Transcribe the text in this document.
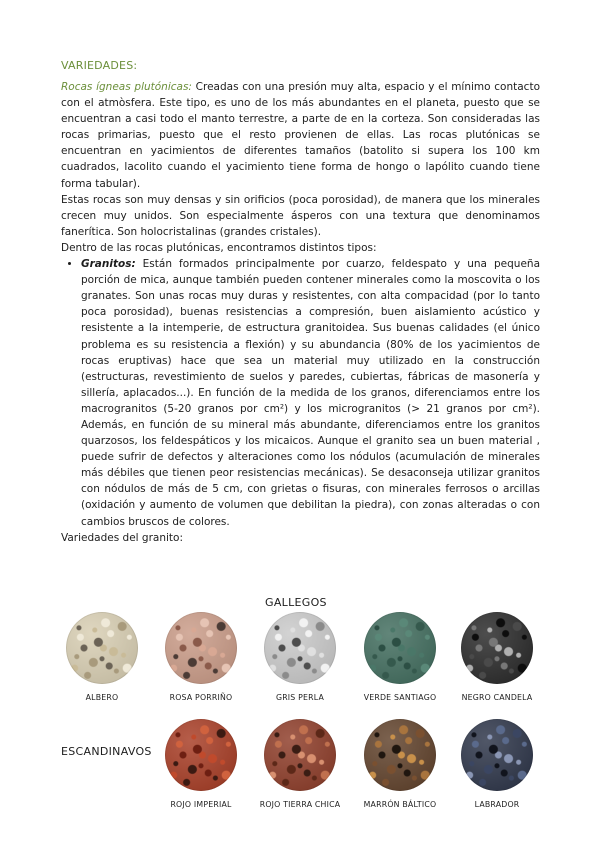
VARIEDADES:

Rocas ígneas plutónicas: Creadas con una presión muy alta, espacio y el mínimo contacto con el atmòsfera. Este tipo, es uno de los más abundantes en el planeta, puesto que se encuentran a casi todo el manto terrestre, a parte de en la corteza. Son consideradas las rocas primarias, puesto que el resto provienen de ellas. Las rocas plutónicas se encuentran en yacimientos de diferentes tamaños (batolito si supera los 100 km cuadrados, lacolito cuando el yacimiento tiene forma de hongo o lapólito cuando tiene forma tabular).

Estas rocas son muy densas y sin orificios (poca porosidad), de manera que los minerales crecen muy unidos. Son especialmente ásperos con una textura que denominamos fanerítica. Son holocristalinas (grandes cristales).

Dentro de las rocas plutónicas, encontramos distintos tipos:

• Granitos: Están formados principalmente por cuarzo, feldespato y una pequeña porción de mica, aunque también pueden contener minerales como la moscovita o los granates. Son unas rocas muy duras y resistentes, con alta compacidad (por lo tanto poca porosidad), buenas resistencias a compresión, buen aislamiento acústico y resistente a la intemperie, de estructura granitoidea. Sus buenas calidades (el único problema es su resistencia a flexión) y su abundancia (80% de los yacimientos de rocas eruptivas) hace que sea un material muy utilizado en la construcción (estructuras, revestimiento de suelos y paredes, cubiertas, fábricas de masonería y sillería, aplacados...). En función de la medida de los granos, diferenciamos entre los macrogranitos (5-20 granos por cm²) y los microgranitos (> 21 granos por cm²). Además, en función de su mineral más abundante, diferenciamos entre los granitos quarzosos, los feldespáticos y los micaicos. Aunque el granito sea un buen material , puede sufrir de defectos y alteraciones como los nódulos (acumulación de minerales más débiles que tienen peor resistencias mecánicas). Se desaconseja utilizar granitos con nódulos de más de 5 cm, con grietas o fisuras, con minerales ferrosos o arcillas (oxidación y aumento de volumen que debilitan la piedra), con zonas alteradas o con cambios bruscos de colores.

Variedades del granito:

GALLEGOS
ALBERO	ROSA PORRIÑO	GRIS PERLA	VERDE SANTIAGO	NEGRO CANDELA
ESCANDINAVOS
ROJO IMPERIAL	ROJO TIERRA CHICA	MARRÓN BÁLTICO	LABRADOR
